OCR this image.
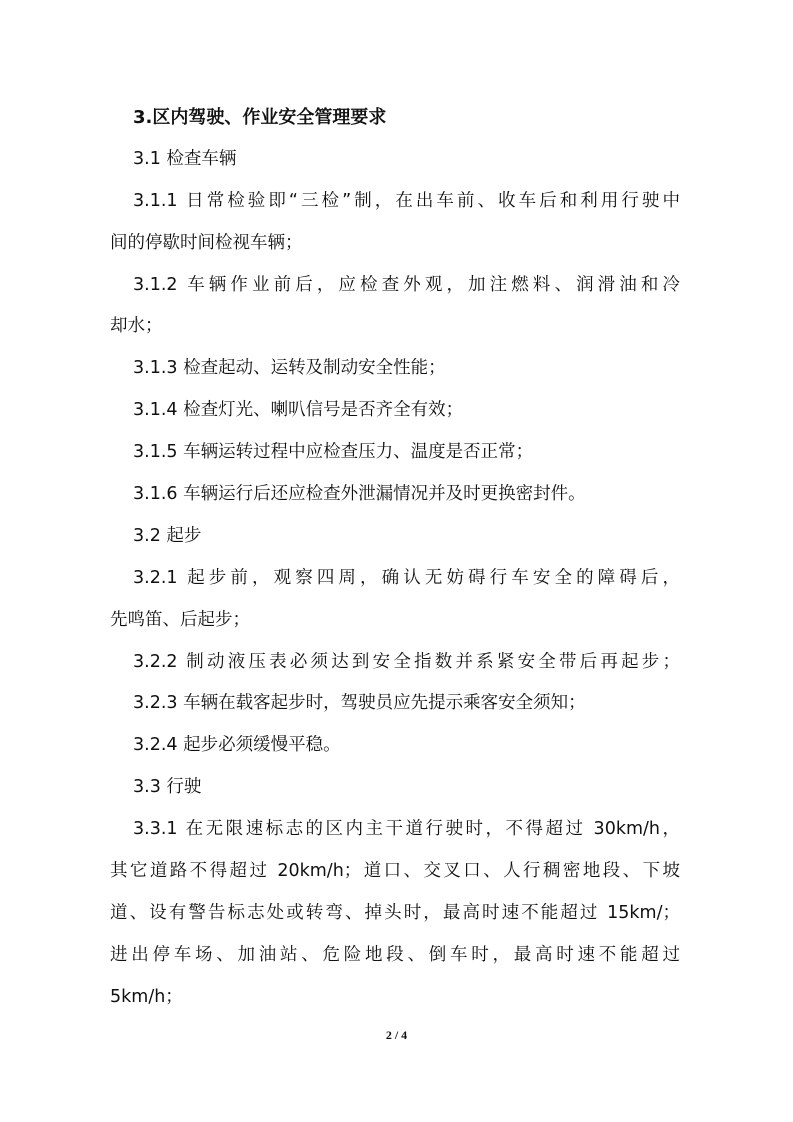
3.区内驾驶、作业安全管理要求
3.1 检查车辆
3.1.1 日常检验即“三检”制，在出车前、收车后和利用行驶中
间的停歇时间检视车辆；
3.1.2 车辆作业前后，应检查外观，加注燃料、润滑油和冷
却水；
3.1.3 检查起动、运转及制动安全性能；
3.1.4 检查灯光、喇叭信号是否齐全有效；
3.1.5 车辆运转过程中应检查压力、温度是否正常；
3.1.6 车辆运行后还应检查外泄漏情况并及时更换密封件。
3.2 起步
3.2.1 起步前，观察四周，确认无妨碍行车安全的障碍后，
先鸣笛、后起步；
3.2.2 制动液压表必须达到安全指数并系紧安全带后再起步；
3.2.3 车辆在载客起步时，驾驶员应先提示乘客安全须知；
3.2.4 起步必须缓慢平稳。
3.3 行驶
3.3.1 在无限速标志的区内主干道行驶时，不得超过 30km/h，
其它道路不得超过 20km/h；道口、交叉口、人行稠密地段、下坡
道、设有警告标志处或转弯、掉头时，最高时速不能超过 15km/；
进出停车场、加油站、危险地段、倒车时，最高时速不能超过
5km/h；
2 / 4
